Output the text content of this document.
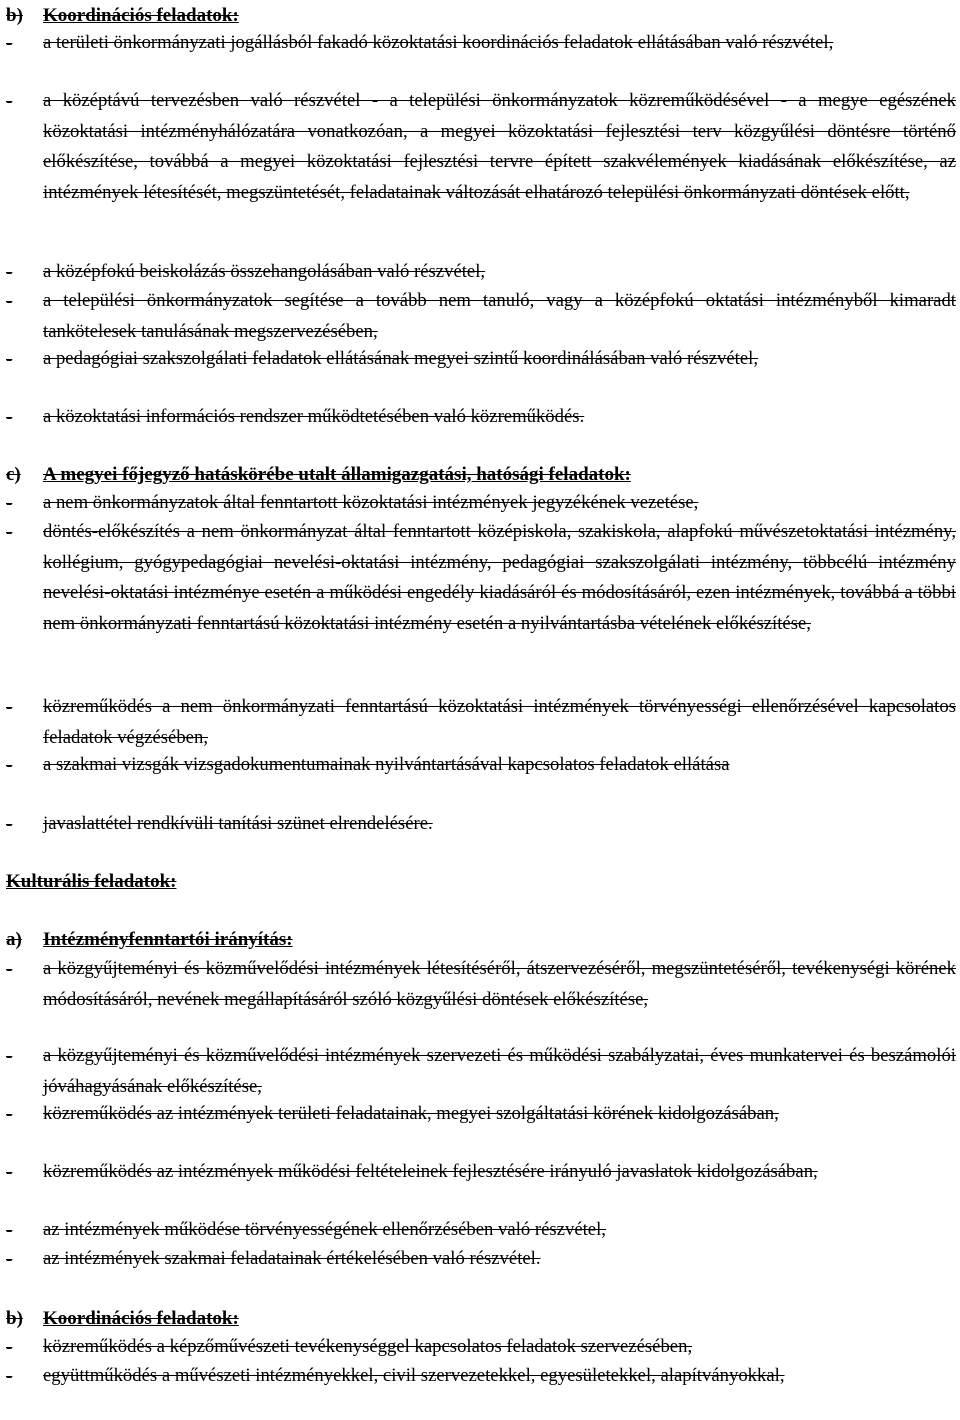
b) Koordinációs feladatok:
-	a területi önkormányzati jogállásból fakadó közoktatási koordinációs feladatok ellátásában való részvétel,
-	a középtávú tervezésben való részvétel - a települési önkormányzatok közreműködésével - a megye egészének közoktatási intézményhálózatára vonatkozóan, a megyei közoktatási fejlesztési terv közgyűlési döntésre történő előkészítése, továbbá a megyei közoktatási fejlesztési tervre épített szakvélemények kiadásának előkészítése, az intézmények létesítését, megszüntetését, feladatainak változását elhatározó települési önkormányzati döntések előtt,
-	a középfokú beiskolázás összehangolásában való részvétel,
-	a települési önkormányzatok segítése a tovább nem tanuló, vagy a középfokú oktatási intézményből kimaradt tankötelesek tanulásának megszervezésében,
-	a pedagógiai szakszolgálati feladatok ellátásának megyei szintű koordinálásában való részvétel,
-	a közoktatási információs rendszer működtetésében való közreműködés.
c) A megyei főjegyző hatáskörébe utalt államigazgatási, hatósági feladatok:
-	a nem önkormányzatok által fenntartott közoktatási intézmények jegyzékének vezetése,
-	döntés-előkészítés a nem önkormányzat által fenntartott középiskola, szakiskola, alapfokú művészetoktatási intézmény, kollégium, gyógypedagógiai nevelési-oktatási intézmény, pedagógiai szakszolgálati intézmény, többcélú intézmény nevelési-oktatási intézménye esetén a működési engedély kiadásáról és módosításáról, ezen intézmények, továbbá a többi nem önkormányzati fenntartású közoktatási intézmény esetén a nyilvántartásba vételének előkészítése,
-	közreműködés a nem önkormányzati fenntartású közoktatási intézmények törvényességi ellenőrzésével kapcsolatos feladatok végzésében,
-	a szakmai vizsgák vizsgadokumentumainak nyilvántartásával kapcsolatos feladatok ellátása
-	javaslattétel rendkívüli tanítási szünet elrendelésére.
Kulturális feladatok:
a) Intézményfenntartói irányítás:
-	a közgyűjteményi és közművelődési intézmények létesítéséről, átszervezéséről, megszüntetéséről, tevékenységi körének módosításáról, nevének megállapításáról szóló közgyűlési döntések előkészítése,
-	a közgyűjteményi és közművelődési intézmények szervezeti és működési szabályzatai, éves munkatervei és beszámolói jóváhagyásának előkészítése,
-	közreműködés az intézmények területi feladatainak, megyei szolgáltatási körének kidolgozásában,
-	közreműködés az intézmények működési feltételeinek fejlesztésére irányuló javaslatok kidolgozásában,
-	az intézmények működése törvényességének ellenőrzésében való részvétel,
-	az intézmények szakmai feladatainak értékelésében való részvétel.
b) Koordinációs feladatok:
-	közreműködés a képzőművészeti tevékenységgel kapcsolatos feladatok szervezésében,
-	együttműködés a művészeti intézményekkel, civil szervezetekkel, egyesületekkel, alapítványokkal,
